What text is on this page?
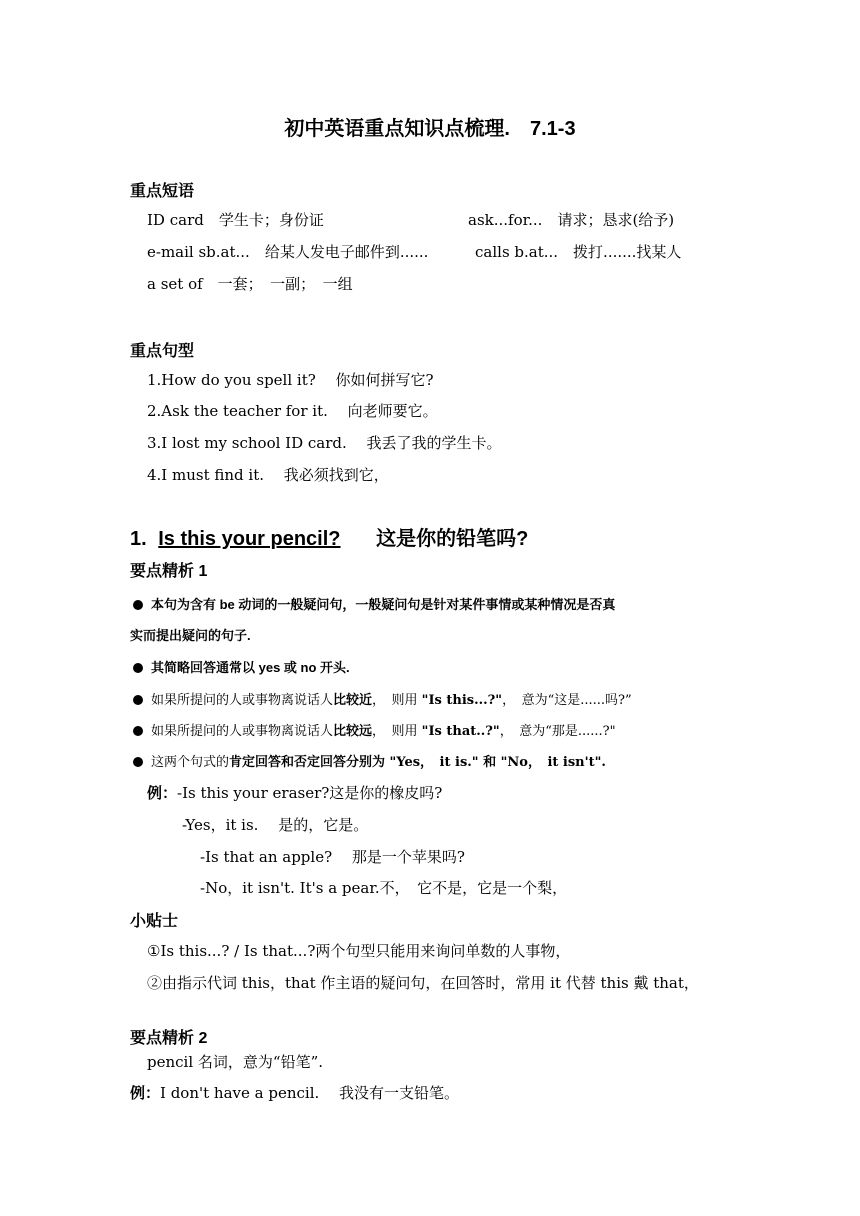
初中英语重点知识点梳理.　7.1-3
重点短语
ID card　学生卡；身份证	ask...for...　请求；恳求(给予)
e-mail sb.at...　给某人发电子邮件到......	calls b.at...　拨打.......找某人
a set of　一套；　一副；　一组
重点句型
1.How do you spell it?　 你如何拼写它?
2.Ask the teacher for it.　 向老师要它。
3.I lost my school ID card.　 我丢了我的学生卡。
4.I must find it.　 我必须找到它，
1. Is this your pencil? 这是你的铅笔吗?
要点精析 1
本句为含有 be 动词的一般疑问句，一般疑问句是针对某件事情或某种情况是否真
实而提出疑问的句子.
其简略回答通常以 yes 或 no 开头.
如果所提问的人或事物离说话人比较近，　则用 "Is this...?"，　意为“这是......吗?”
如果所提问的人或事物离说话人比较远，　则用 "Is that..?"，　意为“那是......?"
这两个句式的肯定回答和否定回答分别为 "Yes，　it is." 和 "No，　it isn't".
例：-Is this your eraser?这是你的橡皮吗?
-Yes，it is.　 是的，它是。
-Is that an apple?　 那是一个苹果吗?
-No，it isn't. It's a pear.不，　它不是，它是一个梨，
小贴士
①Is this...? / Is that...?两个句型只能用来询问单数的人事物，
②由指示代词 this，that 作主语的疑问句，在回答时，常用 it 代替 this 戴 that，
要点精析 2
pencil 名词，意为“铅笔”.
例：I don't have a pencil.　 我没有一支铅笔。
